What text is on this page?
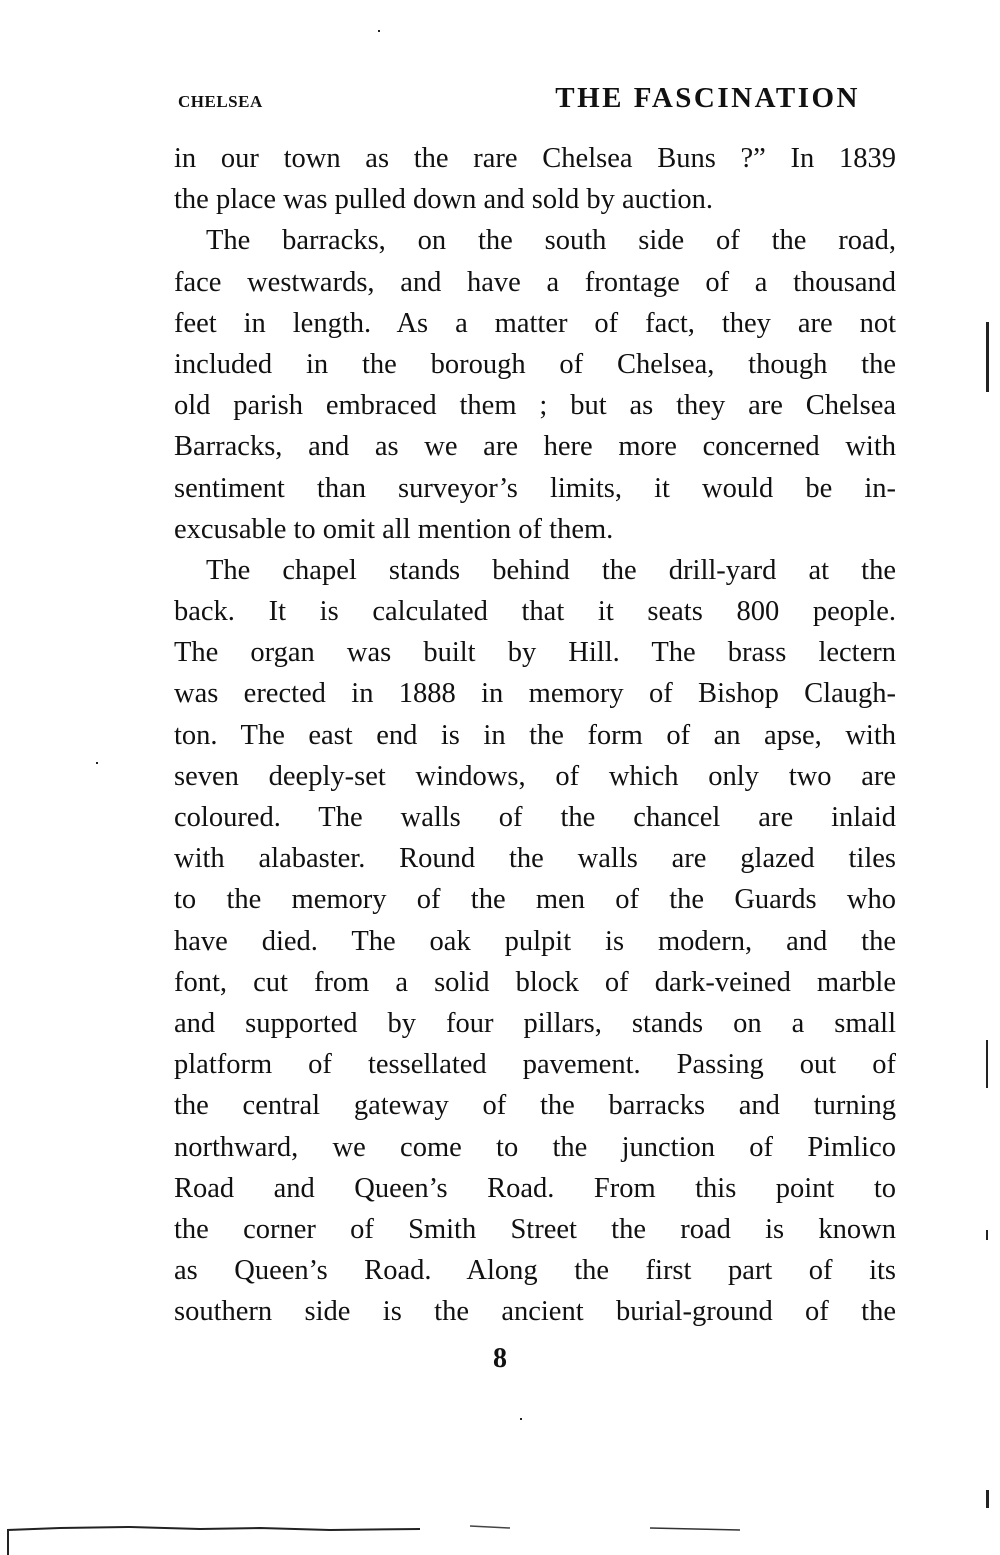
CHELSEA	THE FASCINATION
in our town as the rare Chelsea Buns ?” In 1839
the place was pulled down and sold by auction.
The barracks, on the south side of the road,
face westwards, and have a frontage of a thousand
feet in length. As a matter of fact, they are not
included in the borough of Chelsea, though the
old parish embraced them ; but as they are Chelsea
Barracks, and as we are here more concerned with
sentiment than surveyor’s limits, it would be in-
excusable to omit all mention of them.
The chapel stands behind the drill-yard at the
back. It is calculated that it seats 800 people.
The organ was built by Hill. The brass lectern
was erected in 1888 in memory of Bishop Claugh-
ton. The east end is in the form of an apse, with
seven deeply-set windows, of which only two are
coloured. The walls of the chancel are inlaid
with alabaster. Round the walls are glazed tiles
to the memory of the men of the Guards who
have died. The oak pulpit is modern, and the
font, cut from a solid block of dark-veined marble
and supported by four pillars, stands on a small
platform of tessellated pavement. Passing out of
the central gateway of the barracks and turning
northward, we come to the junction of Pimlico
Road and Queen’s Road. From this point to
the corner of Smith Street the road is known
as Queen’s Road. Along the first part of its
southern side is the ancient burial-ground of the
8
